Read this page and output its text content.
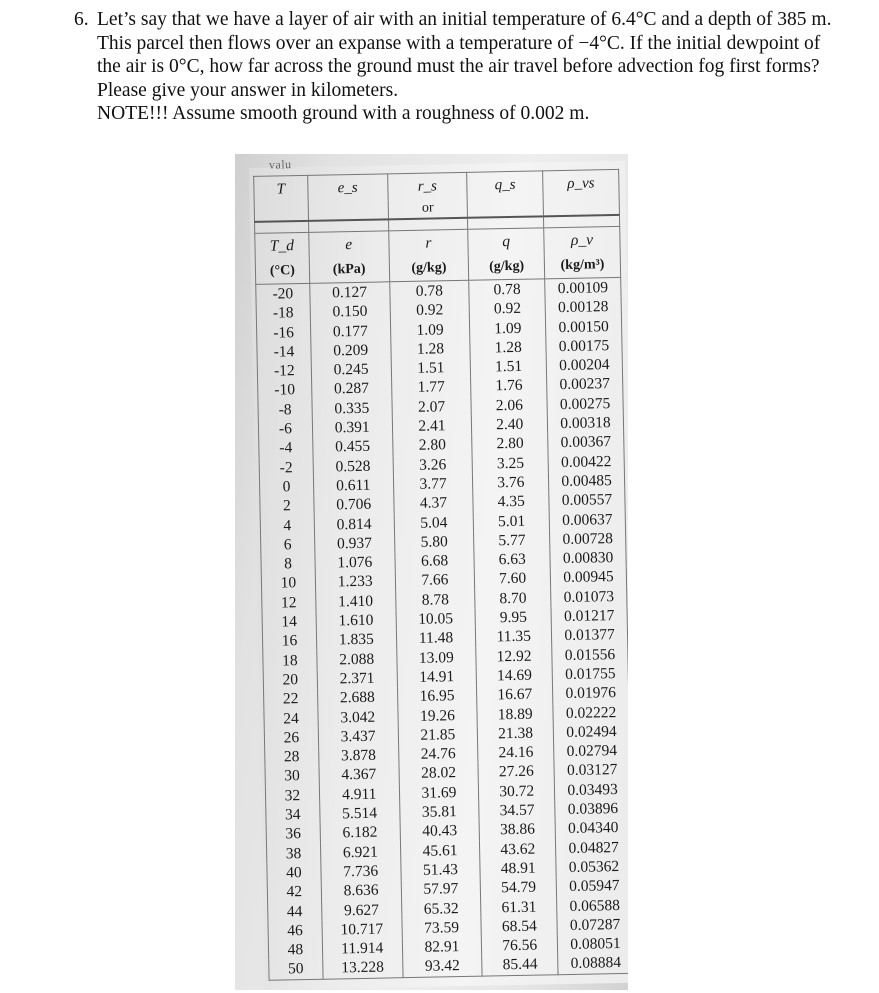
6. Let’s say that we have a layer of air with an initial temperature of 6.4°C and a depth of 385 m. This parcel then flows over an expanse with a temperature of −4°C. If the initial dewpoint of the air is 0°C, how far across the ground must the air travel before advection fog first forms? Please give your answer in kilometers.
NOTE!!! Assume smooth ground with a roughness of 0.002 m.
valu
T	e_s	r_s	q_s	ρ_vs
		or		

T_d	e	r	q	ρ_v
(°C)	(kPa)	(g/kg)	(g/kg)	(kg/m³)
-20	0.127	0.78	0.78	0.00109
-18	0.150	0.92	0.92	0.00128
-16	0.177	1.09	1.09	0.00150
-14	0.209	1.28	1.28	0.00175
-12	0.245	1.51	1.51	0.00204
-10	0.287	1.77	1.76	0.00237
-8	0.335	2.07	2.06	0.00275
-6	0.391	2.41	2.40	0.00318
-4	0.455	2.80	2.80	0.00367
-2	0.528	3.26	3.25	0.00422
0	0.611	3.77	3.76	0.00485
2	0.706	4.37	4.35	0.00557
4	0.814	5.04	5.01	0.00637
6	0.937	5.80	5.77	0.00728
8	1.076	6.68	6.63	0.00830
10	1.233	7.66	7.60	0.00945
12	1.410	8.78	8.70	0.01073
14	1.610	10.05	9.95	0.01217
16	1.835	11.48	11.35	0.01377
18	2.088	13.09	12.92	0.01556
20	2.371	14.91	14.69	0.01755
22	2.688	16.95	16.67	0.01976
24	3.042	19.26	18.89	0.02222
26	3.437	21.85	21.38	0.02494
28	3.878	24.76	24.16	0.02794
30	4.367	28.02	27.26	0.03127
32	4.911	31.69	30.72	0.03493
34	5.514	35.81	34.57	0.03896
36	6.182	40.43	38.86	0.04340
38	6.921	45.61	43.62	0.04827
40	7.736	51.43	48.91	0.05362
42	8.636	57.97	54.79	0.05947
44	9.627	65.32	61.31	0.06588
46	10.717	73.59	68.54	0.07287
48	11.914	82.91	76.56	0.08051
50	13.228	93.42	85.44	0.08884
